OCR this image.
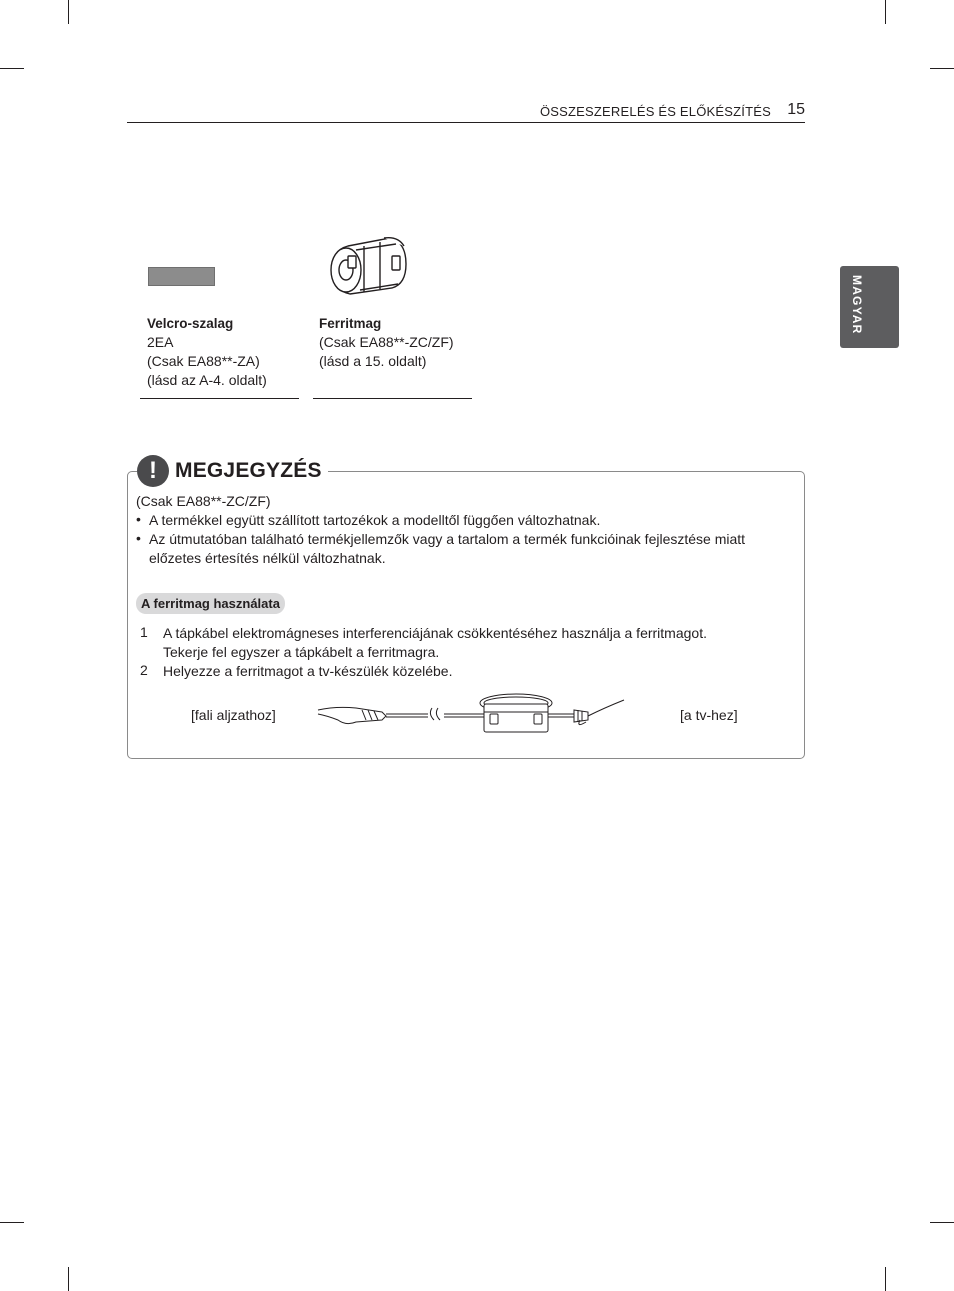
ÖSSZESZERELÉS ÉS ELŐKÉSZÍTÉS 15
MAGYAR
Velcro-szalag
2EA
(Csak EA88**-ZA)
(lásd az A-4. oldalt)
Ferritmag
(Csak EA88**-ZC/ZF)
(lásd a 15. oldalt)
! MEGJEGYZÉS
(Csak EA88**-ZC/ZF)
• A termékkel együtt szállított tartozékok a modelltől függően változhatnak.
• Az útmutatóban található termékjellemzők vagy a tartalom a termék funkcióinak fejlesztése miatt
előzetes értesítés nélkül változhatnak.
A ferritmag használata
1 A tápkábel elektromágneses interferenciájának csökkentéséhez használja a ferritmagot.
Tekerje fel egyszer a tápkábelt a ferritmagra.
2 Helyezze a ferritmagot a tv-készülék közelébe.
[fali aljzathoz]	[a tv-hez]
